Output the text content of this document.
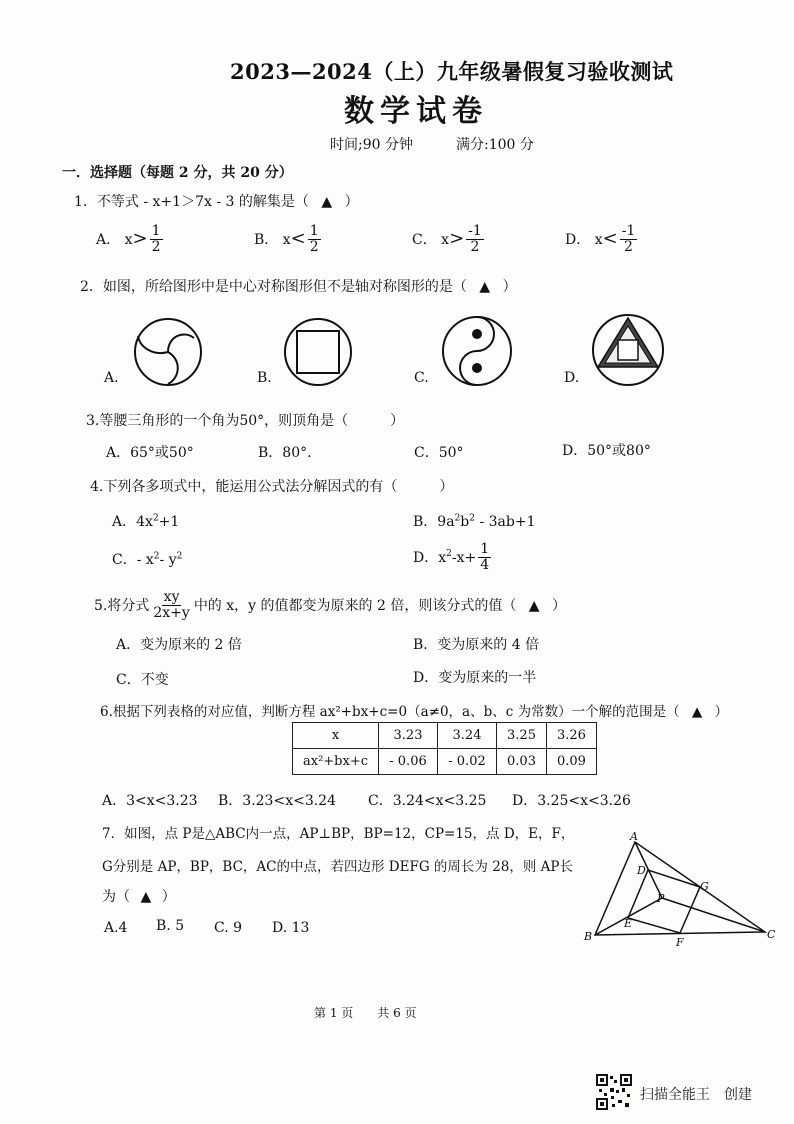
2023—2024（上）九年级暑假复习验收测试
数学试卷
时间;90 分钟	满分:100 分
一．选择题（每题 2 分，共 20 分）
1．不等式 - x+1＞7x - 3 的解集是（ ▲ ）
A． $x> \frac{1}{2}$	B． $x< \frac{1}{2}$	C． $x> \frac{-1}{2}$	D． $x< \frac{-1}{2}$
2．如图，所给图形中是中心对称图形但不是轴对称图形的是（ ▲ ）
A.	B.	C.	D.
3.等腰三角形的一个角为50°，则顶角是（　　　）
A．65°或50°	B．80°．	C．50°	D．50°或80°
4.下列各多项式中，能运用公式法分解因式的有（　　　）
A．$4x^2+1$	B．$9a^2b^2 - 3ab+1$
C．- $x^2-$ $y^2$	D．$x^2-x+ \frac{1}{4}$
5.将分式 $\frac{xy}{2x+y}$ 中的 x，y 的值都变为原来的 2 倍，则该分式的值（ ▲ ）
A．变为原来的 2 倍	B．变为原来的 4 倍
C．不变	D．变为原来的一半
6.根据下列表格的对应值，判断方程 ax²+bx+c=0（a≠0，a、b、c 为常数）一个解的范围是（ ▲ ）
x	3.23	3.24	3.25	3.26
ax²+bx+c	- 0.06	- 0.02	0.03	0.09
A．3<x<3.23 B．3.23<x<3.24 C．3.24<x<3.25 D．3.25<x<3.26
7．如图，点 P是△ABC内一点，AP⊥BP，BP=12，CP=15，点 D，E，F，
G分别是 AP，BP，BC，AC的中点，若四边形 DEFG 的周长为 28，则 AP长
为（ ▲ ）
A.4 B. 5 C. 9 D. 13
A
B	C
D
E
F
G
P
第 1 页　　共 6 页
扫描全能王　创建
